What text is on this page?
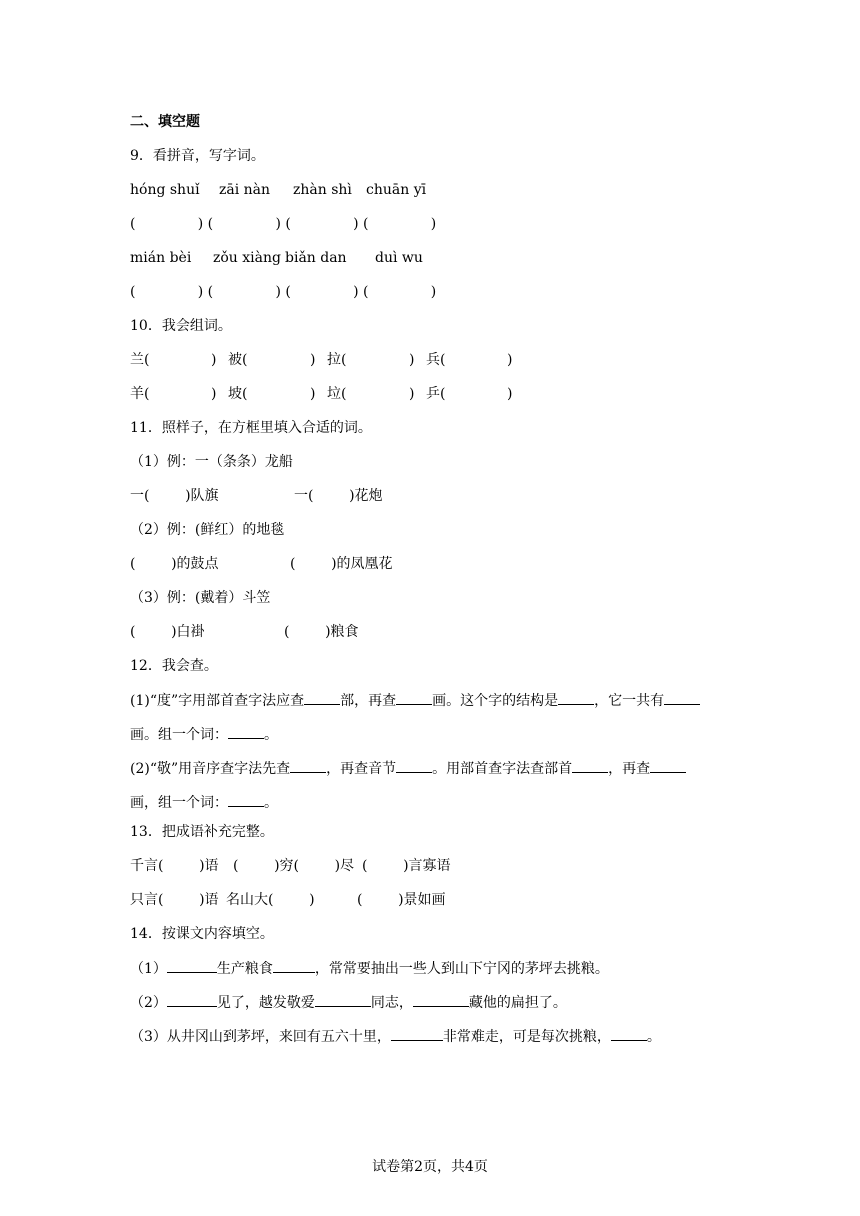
二、填空题
9．看拼音，写字词。
hóng shuǐ zāi nàn zhàn shì chuān yī
(              ) (              ) (              ) (              )
mián bèi zǒu xiàng biǎn dan duì wu
(              ) (              ) (              ) (              )
10．我会组词。
兰(	) 被(	) 拉(	) 兵(	)
羊(	) 坡(	) 垃(	) 乒(	)
11．照样子，在方框里填入合适的词。
（1）例：一（条条）龙船
一(        )队旗	一(        )花炮
（2）例：(鲜红）的地毯
(        )的鼓点	(        )的凤凰花
（3）例：(戴着）斗笠
(        )白褂	(        )粮食
12．我会查。
(1)“度”字用部首查字法应查	部，再查	画。这个字的结构是	，它一共有
画。组一个词：	。
(2)“敬”用音序查字法先查	，再查音节	。用部首查字法查部首	，再查
画，组一个词：	。
13．把成语补充完整。
千言(        )语 (        )穷(        )尽 (        )言寡语
只言(        )语 名山大(        )	(        )景如画
14．按课文内容填空。
（1）	生产粮食	，常常要抽出一些人到山下宁冈的茅坪去挑粮。
（2）	见了，越发敬爱	同志，	藏他的扁担了。
（3）从井冈山到茅坪，来回有五六十里，	非常难走，可是每次挑粮，	。
试卷第2页，共4页
